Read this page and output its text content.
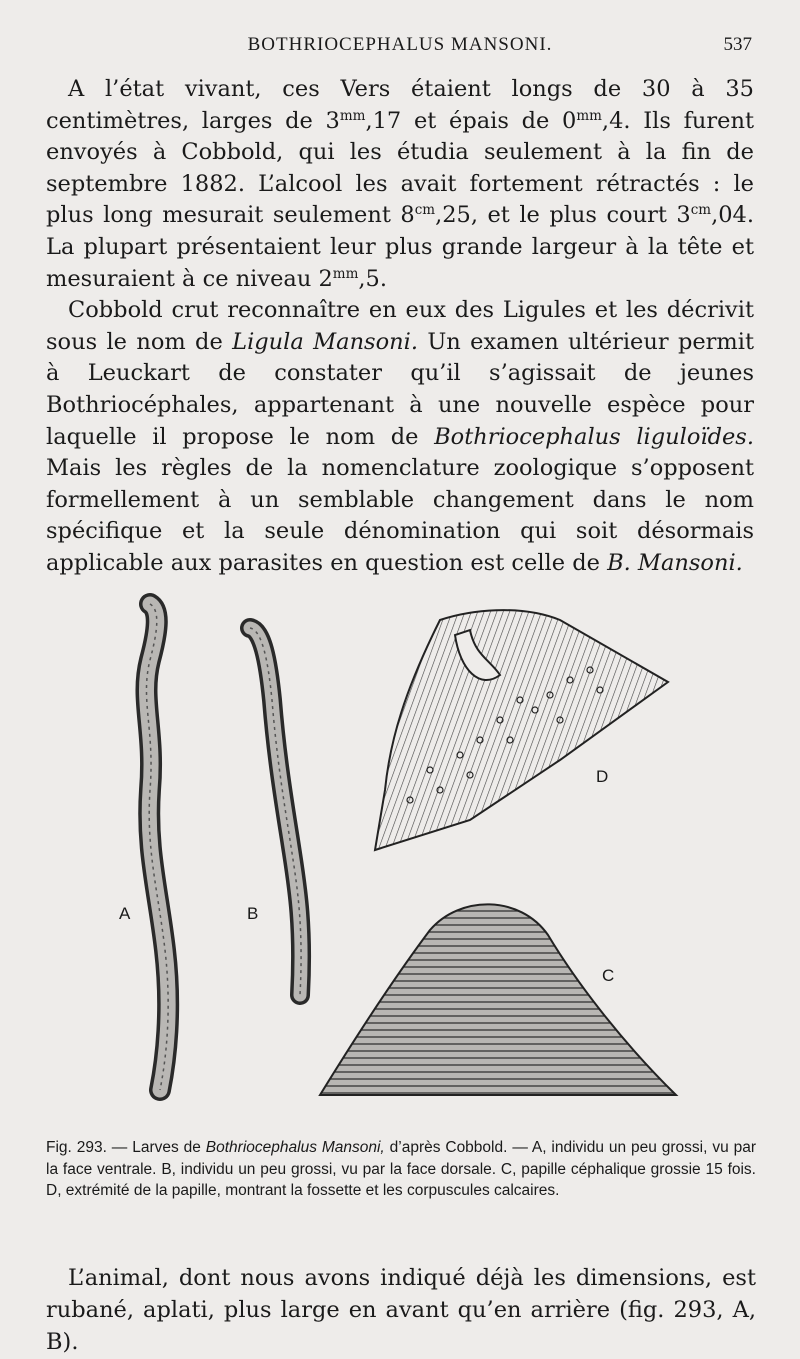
BOTHRIOCEPHALUS MANSONI.	537

A l’état vivant, ces Vers étaient longs de 30 à 35 centimètres, larges de $3^{mm},17$ et épais de $0^{mm},4$. Ils furent envoyés à Cobbold, qui les étudia seulement à la fin de septembre 1882. L’alcool les avait fortement rétractés : le plus long mesurait seulement $8^{cm},25$, et le plus court $3^{cm},04$. La plupart présentaient leur plus grande largeur à la tête et mesuraient à ce niveau $2^{mm},5$.

Cobbold crut reconnaître en eux des Ligules et les décrivit sous le nom de Ligula Mansoni. Un examen ultérieur permit à Leuckart de constater qu’il s’agissait de jeunes Bothriocéphales, appartenant à une nouvelle espèce pour laquelle il propose le nom de Bothriocephalus liguloïdes. Mais les règles de la nomenclature zoologique s’opposent formellement à un semblable changement dans le nom spécifique et la seule dénomination qui soit désormais applicable aux parasites en question est celle de B. Mansoni.

A	B
C
D
Fig. 293. — Larves de Bothriocephalus Mansoni, d’après Cobbold. — A, individu un peu grossi, vu par la face ventrale. B, individu un peu grossi, vu par la face dorsale. C, papille céphalique grossie 15 fois. D, extrémité de la papille, montrant la fossette et les corpuscules calcaires.

L’animal, dont nous avons indiqué déjà les dimensions, est rubané, aplati, plus large en avant qu’en arrière (fig. 293, A, B).
